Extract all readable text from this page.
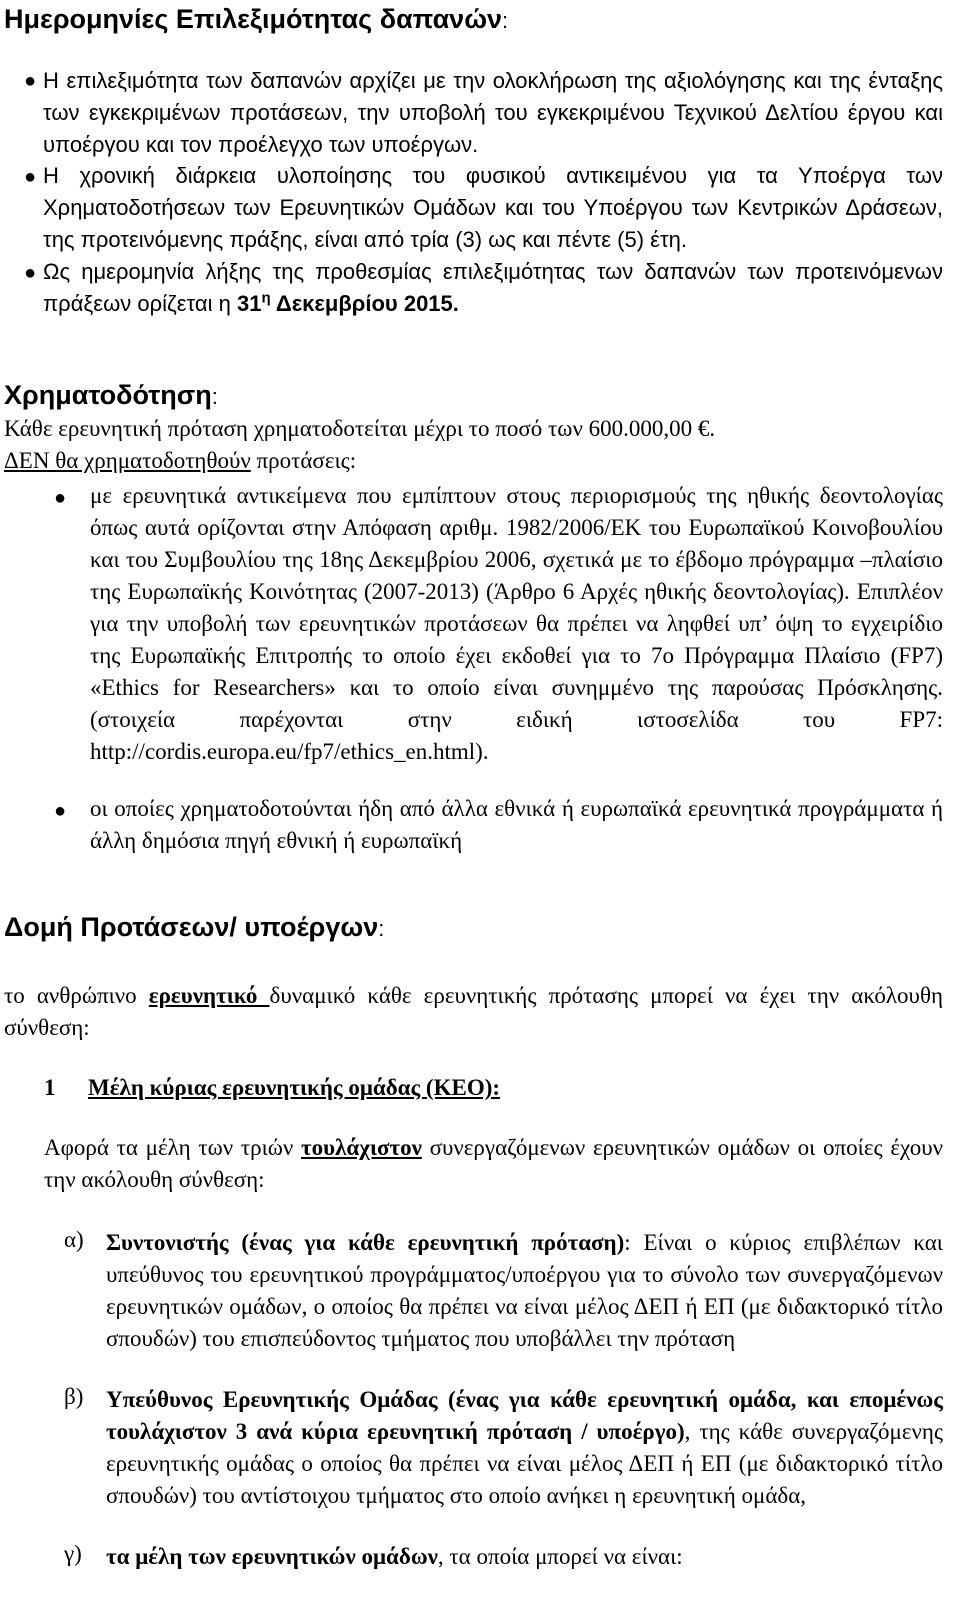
Ημερομηνίες Επιλεξιμότητας δαπανών:
● Η επιλεξιμότητα των δαπανών αρχίζει με την ολοκλήρωση της αξιολόγησης και της ένταξης των εγκεκριμένων προτάσεων, την υποβολή του εγκεκριμένου Τεχνικού Δελτίου έργου και υποέργου και τον προέλεγχο των υποέργων.
● Η χρονική διάρκεια υλοποίησης του φυσικού αντικειμένου για τα Υποέργα των Χρηματοδοτήσεων των Ερευνητικών Ομάδων και του Υποέργου των Κεντρικών Δράσεων, της προτεινόμενης πράξης, είναι από τρία (3) ως και πέντε (5) έτη.
● Ως ημερομηνία λήξης της προθεσμίας επιλεξιμότητας των δαπανών των προτεινόμενων πράξεων ορίζεται η $31^\eta$ Δεκεμβρίου 2015.
Χρηματοδότηση:
Κάθε ερευνητική πρόταση χρηματοδοτείται μέχρι το ποσό των 600.000,00 €.
ΔΕΝ θα χρηματοδοτηθούν προτάσεις:
● με ερευνητικά αντικείμενα που εμπίπτουν στους περιορισμούς της ηθικής δεοντολογίας όπως αυτά ορίζονται στην Απόφαση αριθμ. 1982/2006/ΕΚ του Ευρωπαϊκού Κοινοβουλίου και του Συμβουλίου της 18ης Δεκεμβρίου 2006, σχετικά με το έβδομο πρόγραμμα –πλαίσιο της Ευρωπαϊκής Κοινότητας (2007-2013) (Άρθρο 6 Αρχές ηθικής δεοντολογίας). Επιπλέον για την υποβολή των ερευνητικών προτάσεων θα πρέπει να ληφθεί υπ’ όψη το εγχειρίδιο της Ευρωπαϊκής Επιτροπής το οποίο έχει εκδοθεί για το 7ο Πρόγραμμα Πλαίσιο (FP7) «Ethics for Researchers» και το οποίο είναι συνημμένο της παρούσας Πρόσκλησης. (στοιχεία παρέχονται στην ειδική ιστοσελίδα του FP7: http://cordis.europa.eu/fp7/ethics_en.html).
● οι οποίες χρηματοδοτούνται ήδη από άλλα εθνικά ή ευρωπαϊκά ερευνητικά προγράμματα ή άλλη δημόσια πηγή εθνική ή ευρωπαϊκή
Δομή Προτάσεων/ υποέργων:
το ανθρώπινο ερευνητικό δυναμικό κάθε ερευνητικής πρότασης μπορεί να έχει την ακόλουθη σύνθεση:
1 Μέλη κύριας ερευνητικής ομάδας (ΚΕΟ):
Αφορά τα μέλη των τριών τουλάχιστον συνεργαζόμενων ερευνητικών ομάδων οι οποίες έχουν την ακόλουθη σύνθεση:
α) Συντονιστής (ένας για κάθε ερευνητική πρόταση): Είναι ο κύριος επιβλέπων και υπεύθυνος του ερευνητικού προγράμματος/υποέργου για το σύνολο των συνεργαζόμενων ερευνητικών ομάδων, ο οποίος θα πρέπει να είναι μέλος ΔΕΠ ή ΕΠ (με διδακτορικό τίτλο σπουδών) του επισπεύδοντος τμήματος που υποβάλλει την πρόταση
β) Υπεύθυνος Ερευνητικής Ομάδας (ένας για κάθε ερευνητική ομάδα, και επομένως τουλάχιστον 3 ανά κύρια ερευνητική πρόταση / υποέργο), της κάθε συνεργαζόμενης ερευνητικής ομάδας ο οποίος θα πρέπει να είναι μέλος ΔΕΠ ή ΕΠ (με διδακτορικό τίτλο σπουδών) του αντίστοιχου τμήματος στο οποίο ανήκει η ερευνητική ομάδα,
γ) τα μέλη των ερευνητικών ομάδων, τα οποία μπορεί να είναι:
